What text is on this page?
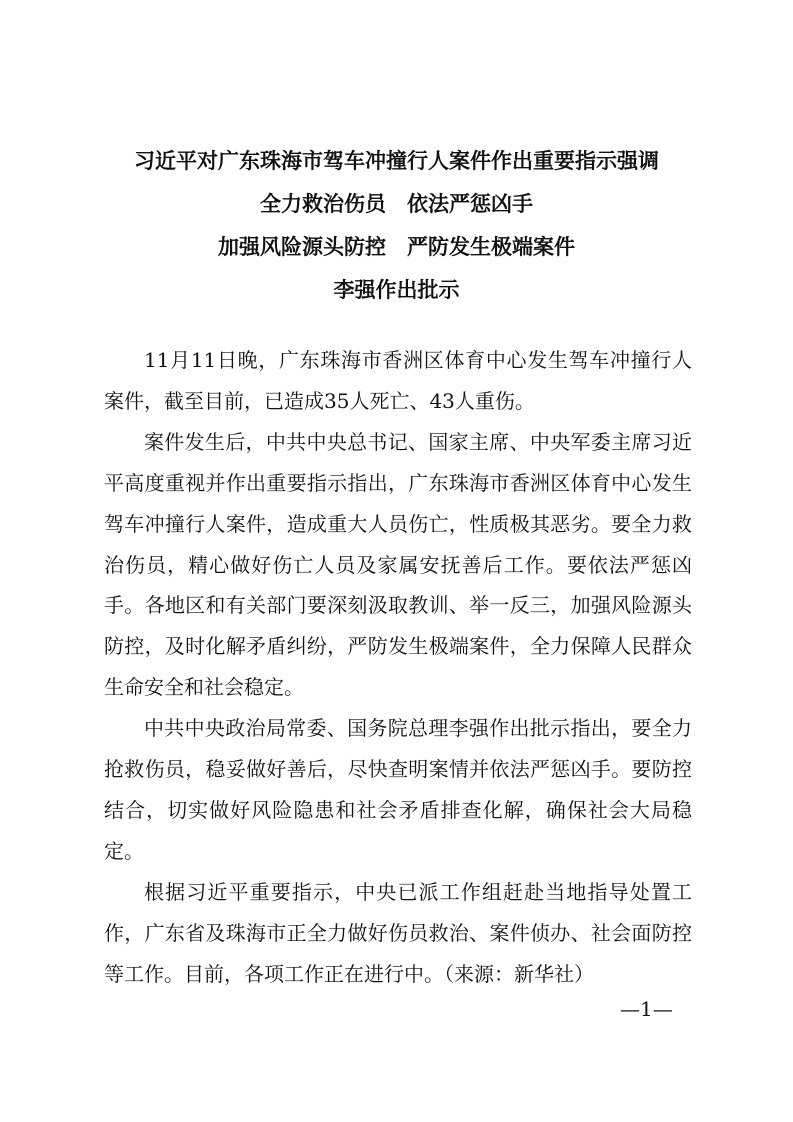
习近平对广东珠海市驾车冲撞行人案件作出重要指示强调
全力救治伤员　依法严惩凶手
加强风险源头防控　严防发生极端案件
李强作出批示

11月11日晚，广东珠海市香洲区体育中心发生驾车冲撞行人案件，截至目前，已造成35人死亡、43人重伤。

案件发生后，中共中央总书记、国家主席、中央军委主席习近平高度重视并作出重要指示指出，广东珠海市香洲区体育中心发生驾车冲撞行人案件，造成重大人员伤亡，性质极其恶劣。要全力救治伤员，精心做好伤亡人员及家属安抚善后工作。要依法严惩凶手。各地区和有关部门要深刻汲取教训、举一反三，加强风险源头防控，及时化解矛盾纠纷，严防发生极端案件，全力保障人民群众生命安全和社会稳定。

中共中央政治局常委、国务院总理李强作出批示指出，要全力抢救伤员，稳妥做好善后，尽快查明案情并依法严惩凶手。要防控结合，切实做好风险隐患和社会矛盾排查化解，确保社会大局稳定。

根据习近平重要指示，中央已派工作组赶赴当地指导处置工作，广东省及珠海市正全力做好伤员救治、案件侦办、社会面防控等工作。目前，各项工作正在进行中。（来源：新华社）

—1—
